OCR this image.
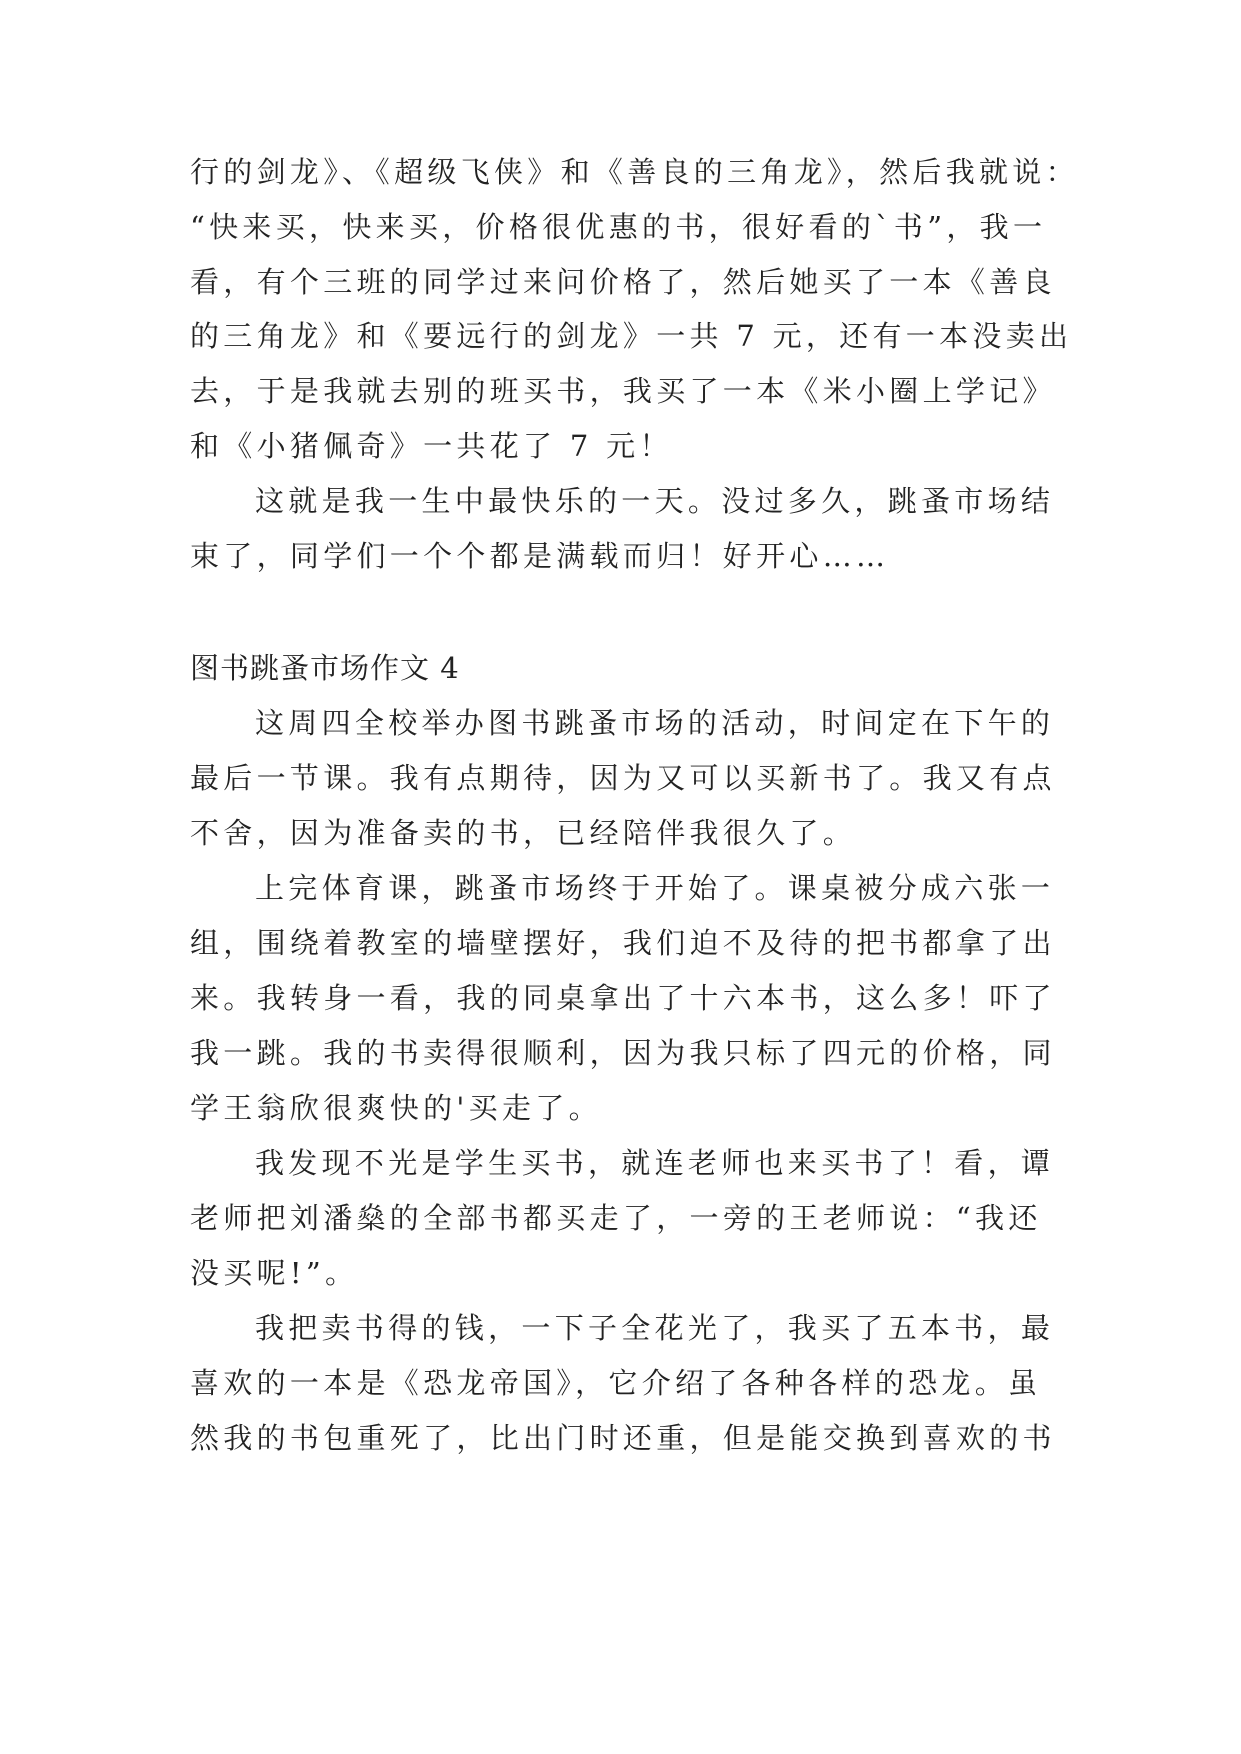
行的剑龙》、《超级飞侠》和《善良的三角龙》，然后我就说：
“快来买，快来买，价格很优惠的书，很好看的`书”，我一
看，有个三班的同学过来问价格了，然后她买了一本《善良
的三角龙》和《要远行的剑龙》一共 7 元，还有一本没卖出
去，于是我就去别的班买书，我买了一本《米小圈上学记》
和《小猪佩奇》一共花了 7 元！
这就是我一生中最快乐的一天。没过多久，跳蚤市场结
束了，同学们一个个都是满载而归！好开心……
图书跳蚤市场作文 4
这周四全校举办图书跳蚤市场的活动，时间定在下午的
最后一节课。我有点期待，因为又可以买新书了。我又有点
不舍，因为准备卖的书，已经陪伴我很久了。
上完体育课，跳蚤市场终于开始了。课桌被分成六张一
组，围绕着教室的墙壁摆好，我们迫不及待的把书都拿了出
来。我转身一看，我的同桌拿出了十六本书，这么多！吓了
我一跳。我的书卖得很顺利，因为我只标了四元的价格，同
学王翁欣很爽快的'买走了。
我发现不光是学生买书，就连老师也来买书了！看，谭
老师把刘潘燊的全部书都买走了，一旁的王老师说：“我还
没买呢!”。
我把卖书得的钱，一下子全花光了，我买了五本书，最
喜欢的一本是《恐龙帝国》，它介绍了各种各样的恐龙。虽
然我的书包重死了，比出门时还重，但是能交换到喜欢的书
